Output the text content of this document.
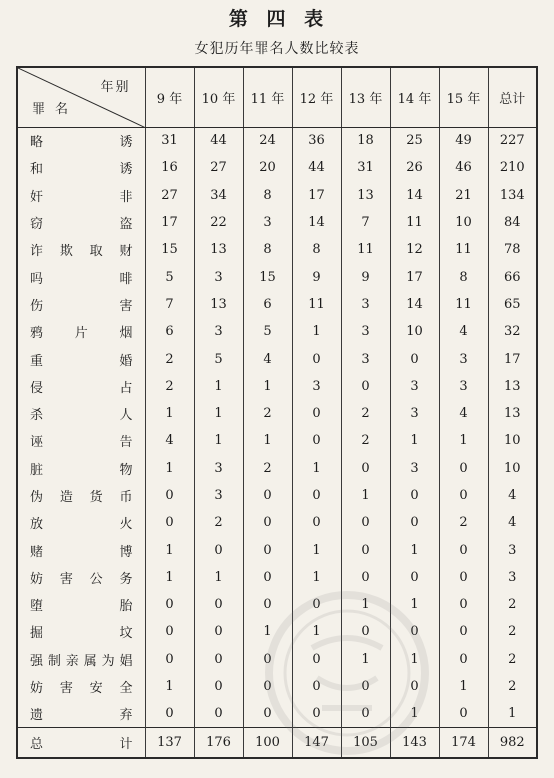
第 四 表
女犯历年罪名人数比较表
年别
罪名	9 年	10 年	11 年	12 年	13 年	14 年	15 年	总计
略诱	31	44	24	36	18	25	49	227
和诱	16	27	20	44	31	26	46	210
奸非	27	34	8	17	13	14	21	134
窃盗	17	22	3	14	7	11	10	84
诈欺取财	15	13	8	8	11	12	11	78
吗啡	5	3	15	9	9	17	8	66
伤害	7	13	6	11	3	14	11	65
鸦片烟	6	3	5	1	3	10	4	32
重婚	2	5	4	0	3	0	3	17
侵占	2	1	1	3	0	3	3	13
杀人	1	1	2	0	2	3	4	13
诬告	4	1	1	0	2	1	1	10
脏物	1	3	2	1	0	3	0	10
伪造货币	0	3	0	0	1	0	0	4
放火	0	2	0	0	0	0	2	4
赌博	1	0	0	1	0	1	0	3
妨害公务	1	1	0	1	0	0	0	3
堕胎	0	0	0	0	1	1	0	2
掘坟	0	0	1	1	0	0	0	2
强制亲属为娼	0	0	0	0	1	1	0	2
妨害安全	1	0	0	0	0	0	1	2
遗弃	0	0	0	0	0	1	0	1
总计	137	176	100	147	105	143	174	982
